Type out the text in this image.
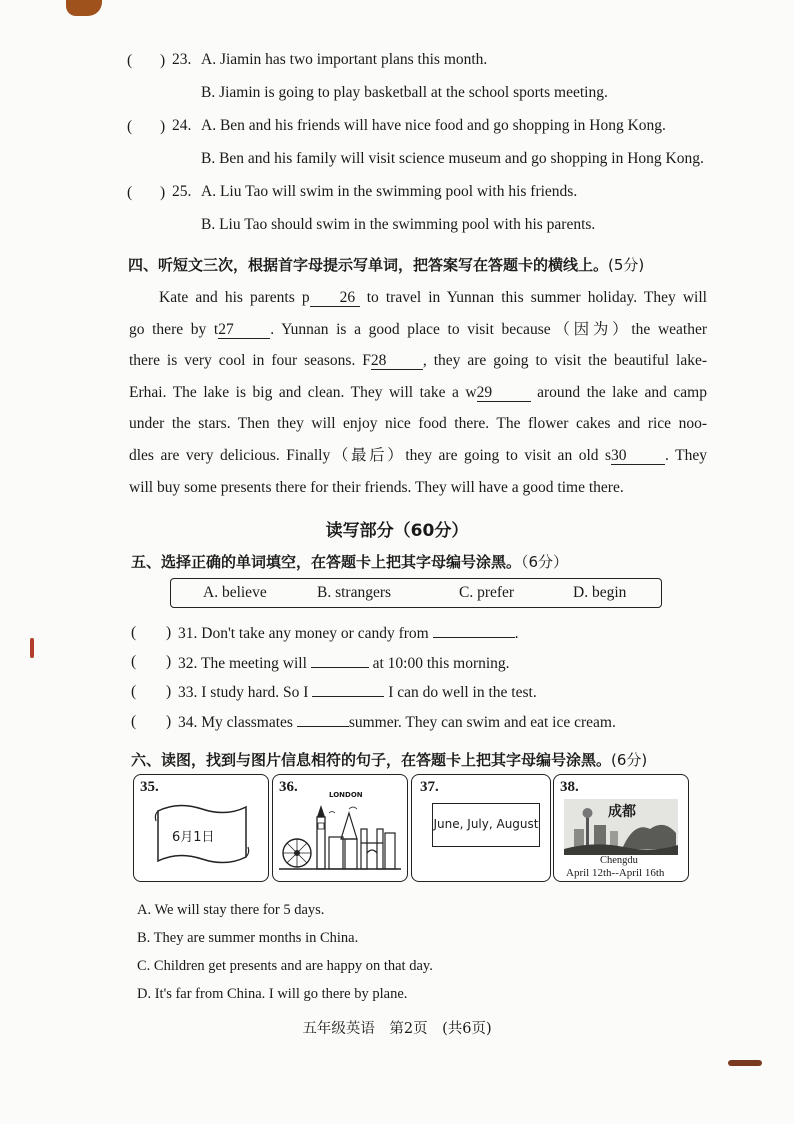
( ) 23. A. Jiamin has two important plans this month.
B. Jiamin is going to play basketball at the school sports meeting.
( ) 24. A. Ben and his friends will have nice food and go shopping in Hong Kong.
B. Ben and his family will visit science museum and go shopping in Hong Kong.
( ) 25. A. Liu Tao will swim in the swimming pool with his friends.
B. Liu Tao should swim in the swimming pool with his parents.
四、听短文三次，根据首字母提示写单词，把答案写在答题卡的横线上。(5分)
Kate and his parents p 26 to travel in Yunnan this summer holiday. They will
go there by t27 . Yunnan is a good place to visit because（因为）the weather
there is very cool in four seasons. F28 , they are going to visit the beautiful lake-
Erhai. The lake is big and clean. They will take a w29 around the lake and camp
under the stars. Then they will enjoy nice food there. The flower cakes and rice noo-
dles are very delicious. Finally（最后）they are going to visit an old s30 . They
will buy some presents there for their friends. They will have a good time there.
读写部分（60分）
五、选择正确的单词填空，在答题卡上把其字母编号涂黑。（6分）
A. believe	B. strangers	C. prefer	D. begin
( ) 31. Don't take any money or candy from	.
( ) 32. The meeting will	at 10:00 this morning.
( ) 33. I study hard. So I	I can do well in the test.
( ) 34. My classmates	summer. They can swim and eat ice cream.
六、读图，找到与图片信息相符的句子，在答题卡上把其字母编号涂黑。(6分)
35.
6月1日
36.	LONDON	37.
June, July, August
38.
成都
Chengdu
April 12th--April 16th
A. We will stay there for 5 days.
B. They are summer months in China.
C. Children get presents and are happy on that day.
D. It's far from China. I will go there by plane.
五年级英语　第2页　(共6页)
